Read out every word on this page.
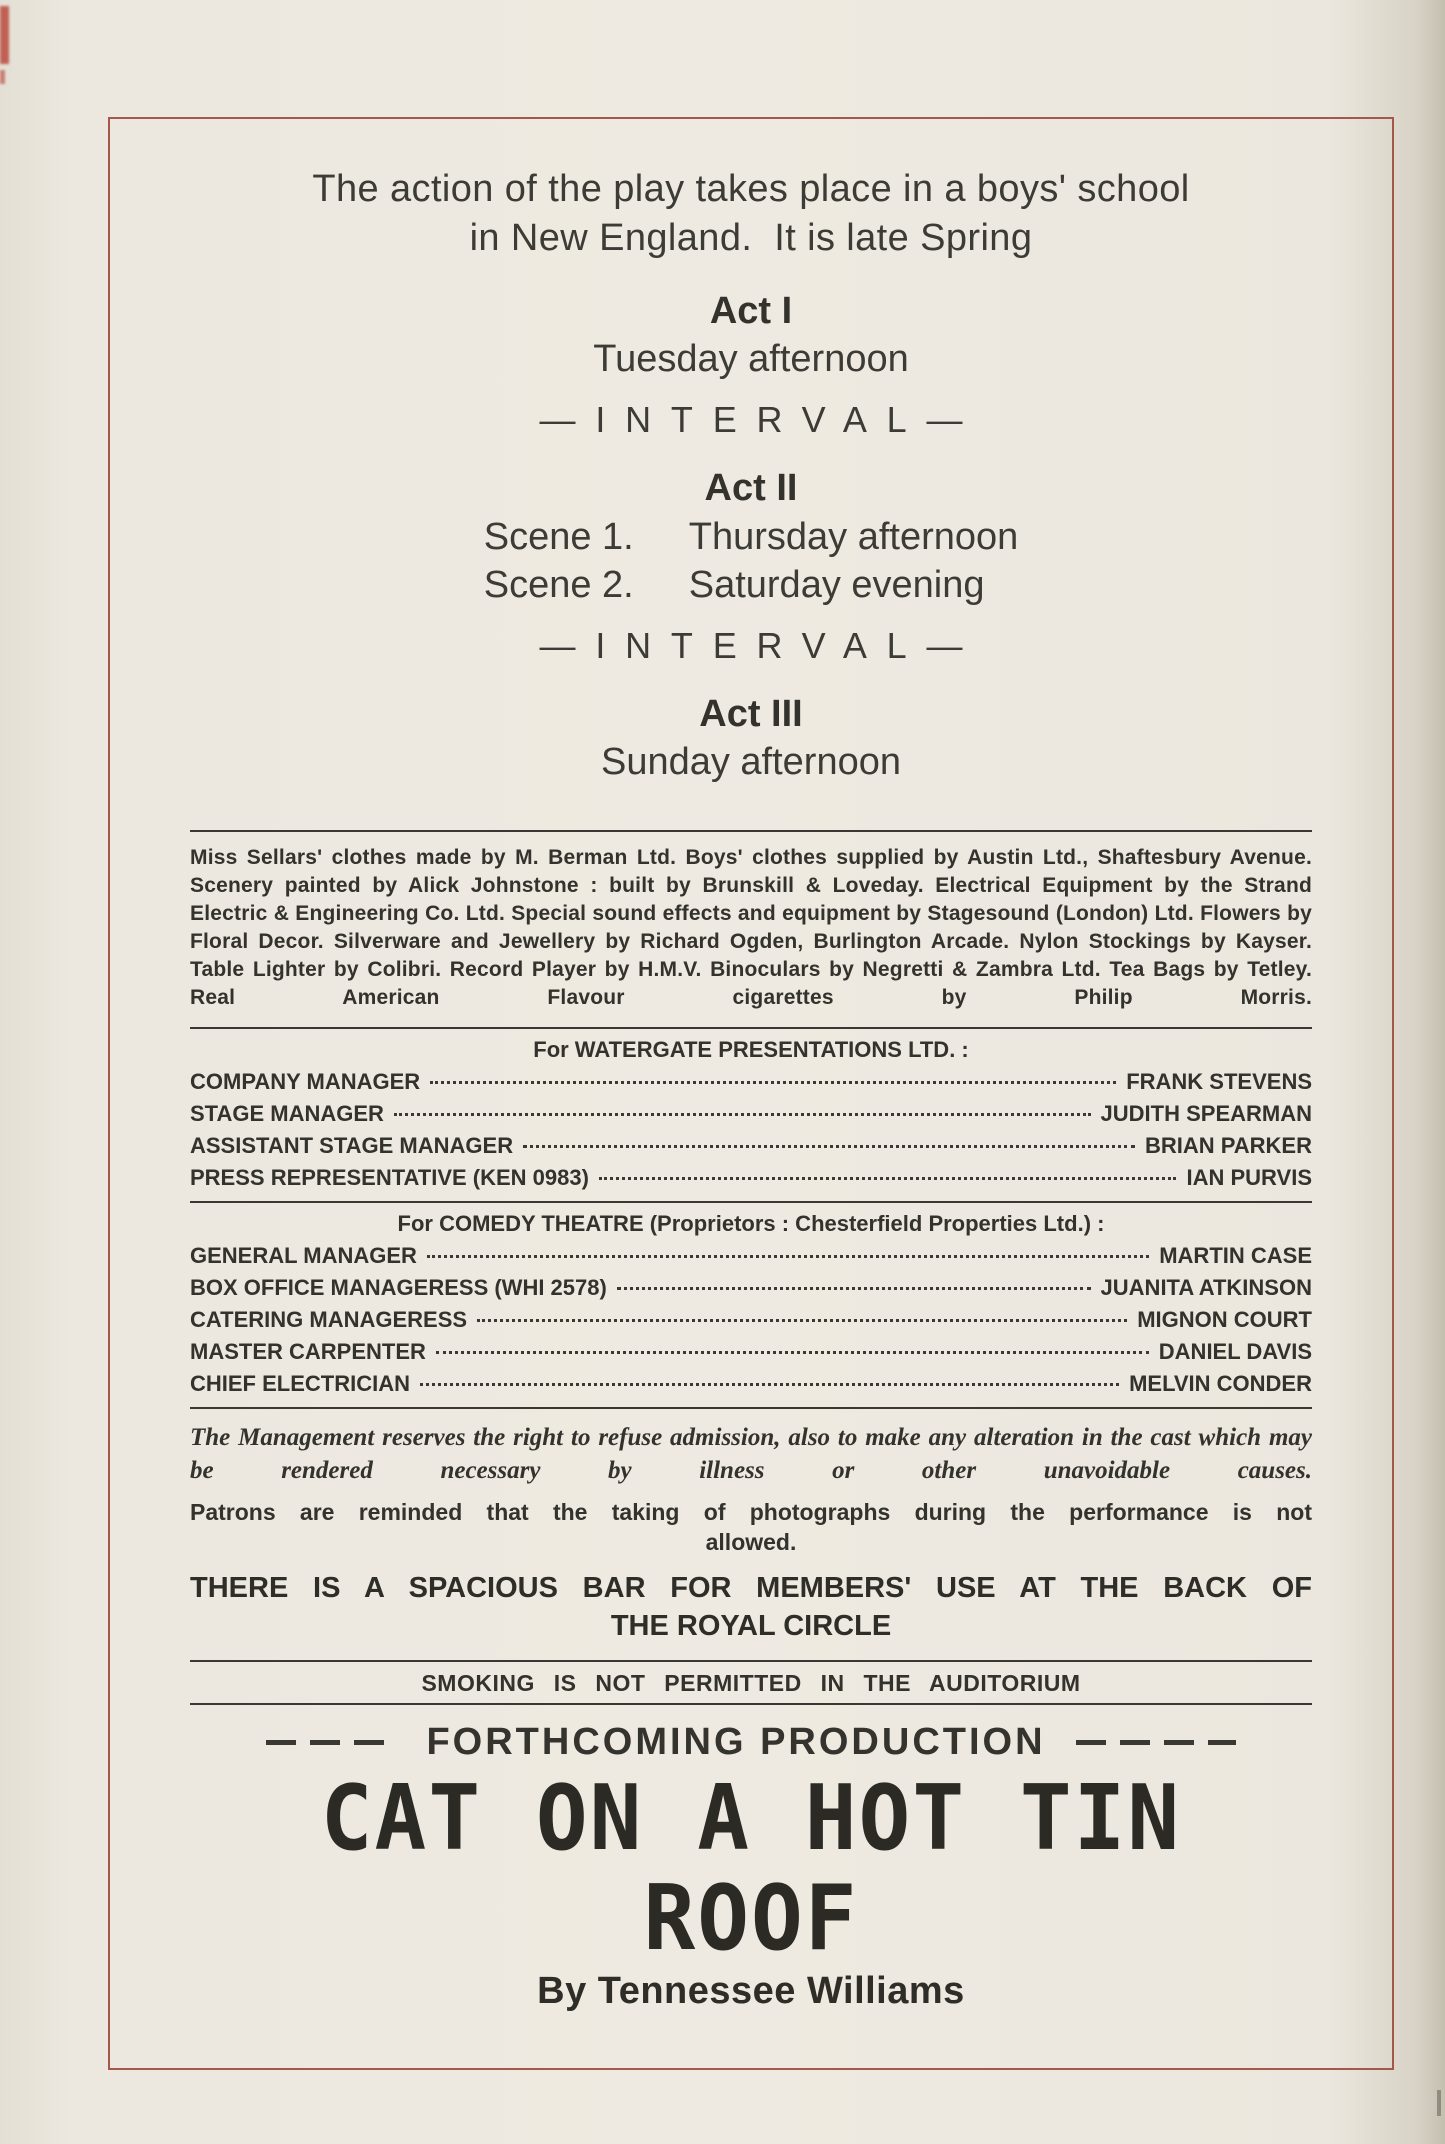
The action of the play takes place in a boys' school
in New England.  It is late Spring
Act I
Tuesday afternoon
—INTERVAL—
Act II
Scene 1. Thursday afternoon
Scene 2. Saturday evening
—INTERVAL—
Act III
Sunday afternoon

Miss Sellars' clothes made by M. Berman Ltd. Boys' clothes supplied by Austin Ltd., Shaftesbury Avenue. Scenery painted by Alick Johnstone : built by Brunskill & Loveday. Electrical Equipment by the Strand Electric & Engineering Co. Ltd. Special sound effects and equipment by Stagesound (London) Ltd. Flowers by Floral Decor. Silverware and Jewellery by Richard Ogden, Burlington Arcade. Nylon Stockings by Kayser. Table Lighter by Colibri. Record Player by H.M.V. Binoculars by Negretti & Zambra Ltd. Tea Bags by Tetley. Real American Flavour cigarettes by Philip Morris.

For WATERGATE PRESENTATIONS LTD. :
COMPANY MANAGER	FRANK STEVENS
STAGE MANAGER	JUDITH SPEARMAN
ASSISTANT STAGE MANAGER	BRIAN PARKER
PRESS REPRESENTATIVE (KEN 0983)	IAN PURVIS
For COMEDY THEATRE (Proprietors : Chesterfield Properties Ltd.) :
GENERAL MANAGER	MARTIN CASE
BOX OFFICE MANAGERESS (WHI 2578)	JUANITA ATKINSON
CATERING MANAGERESS	MIGNON COURT
MASTER CARPENTER	DANIEL DAVIS
CHIEF ELECTRICIAN	MELVIN CONDER

The Management reserves the right to refuse admission, also to make any alteration in the cast which may be rendered necessary by illness or other unavoidable causes.

Patrons are reminded that the taking of photographs during the performance is not
allowed.
THERE IS A SPACIOUS BAR FOR MEMBERS' USE AT THE BACK OF
THE ROYAL CIRCLE
SMOKING IS NOT PERMITTED IN THE AUDITORIUM
FORTHCOMING PRODUCTION
CAT ON A HOT TIN ROOF
By Tennessee Williams
